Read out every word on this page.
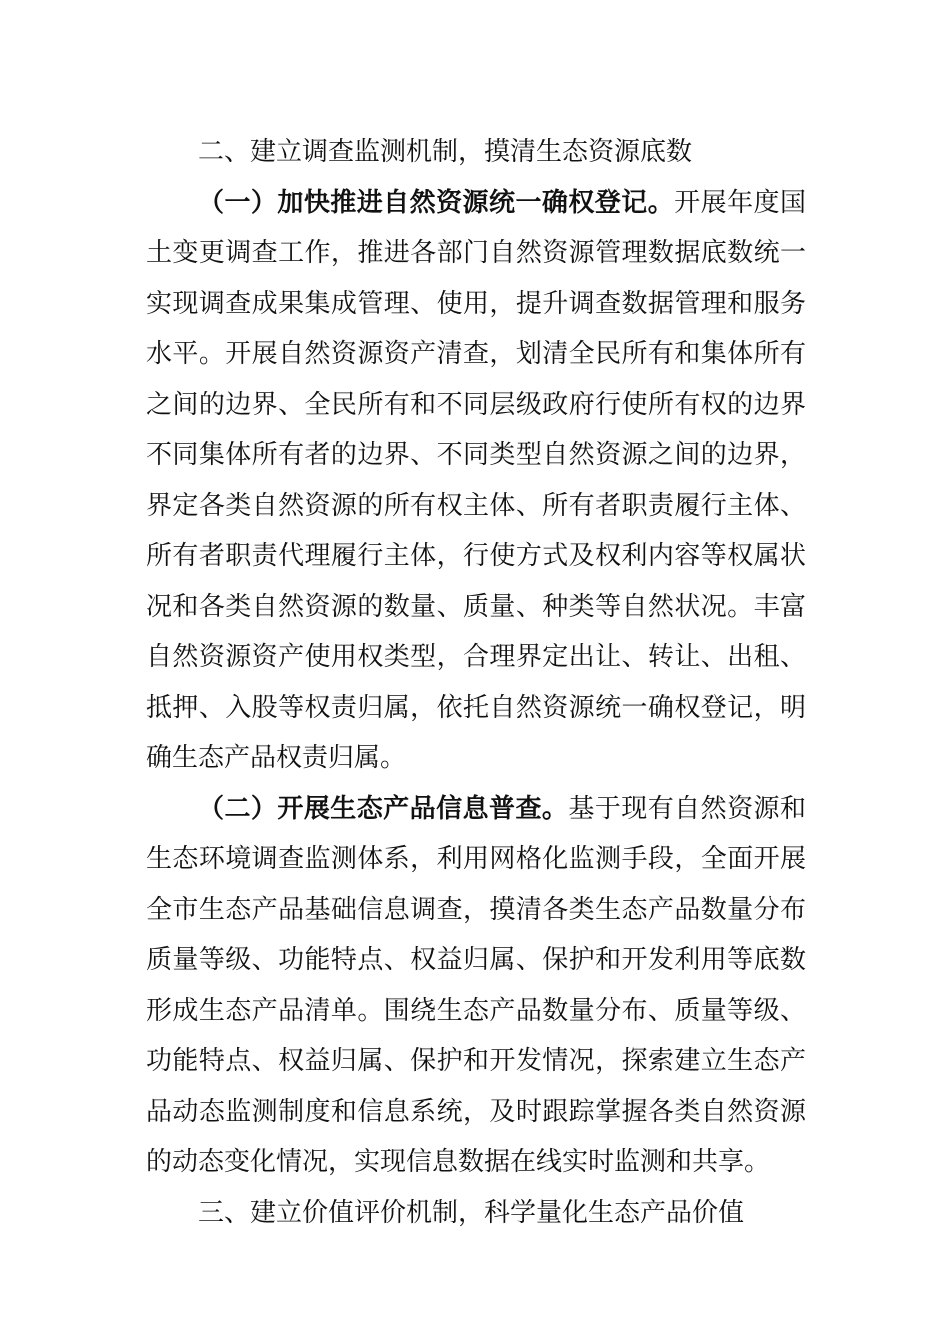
二、建立调查监测机制，摸清生态资源底数
（一）加快推进自然资源统一确权登记。开展年度国
土变更调查工作，推进各部门自然资源管理数据底数统一
实现调查成果集成管理、使用，提升调查数据管理和服务
水平。开展自然资源资产清查，划清全民所有和集体所有
之间的边界、全民所有和不同层级政府行使所有权的边界
不同集体所有者的边界、不同类型自然资源之间的边界，
界定各类自然资源的所有权主体、所有者职责履行主体、
所有者职责代理履行主体，行使方式及权利内容等权属状
况和各类自然资源的数量、质量、种类等自然状况。丰富
自然资源资产使用权类型，合理界定出让、转让、出租、
抵押、入股等权责归属，依托自然资源统一确权登记，明
确生态产品权责归属。
（二）开展生态产品信息普查。基于现有自然资源和
生态环境调查监测体系，利用网格化监测手段，全面开展
全市生态产品基础信息调查，摸清各类生态产品数量分布
质量等级、功能特点、权益归属、保护和开发利用等底数
形成生态产品清单。围绕生态产品数量分布、质量等级、
功能特点、权益归属、保护和开发情况，探索建立生态产
品动态监测制度和信息系统，及时跟踪掌握各类自然资源
的动态变化情况，实现信息数据在线实时监测和共享。
三、建立价值评价机制，科学量化生态产品价值
